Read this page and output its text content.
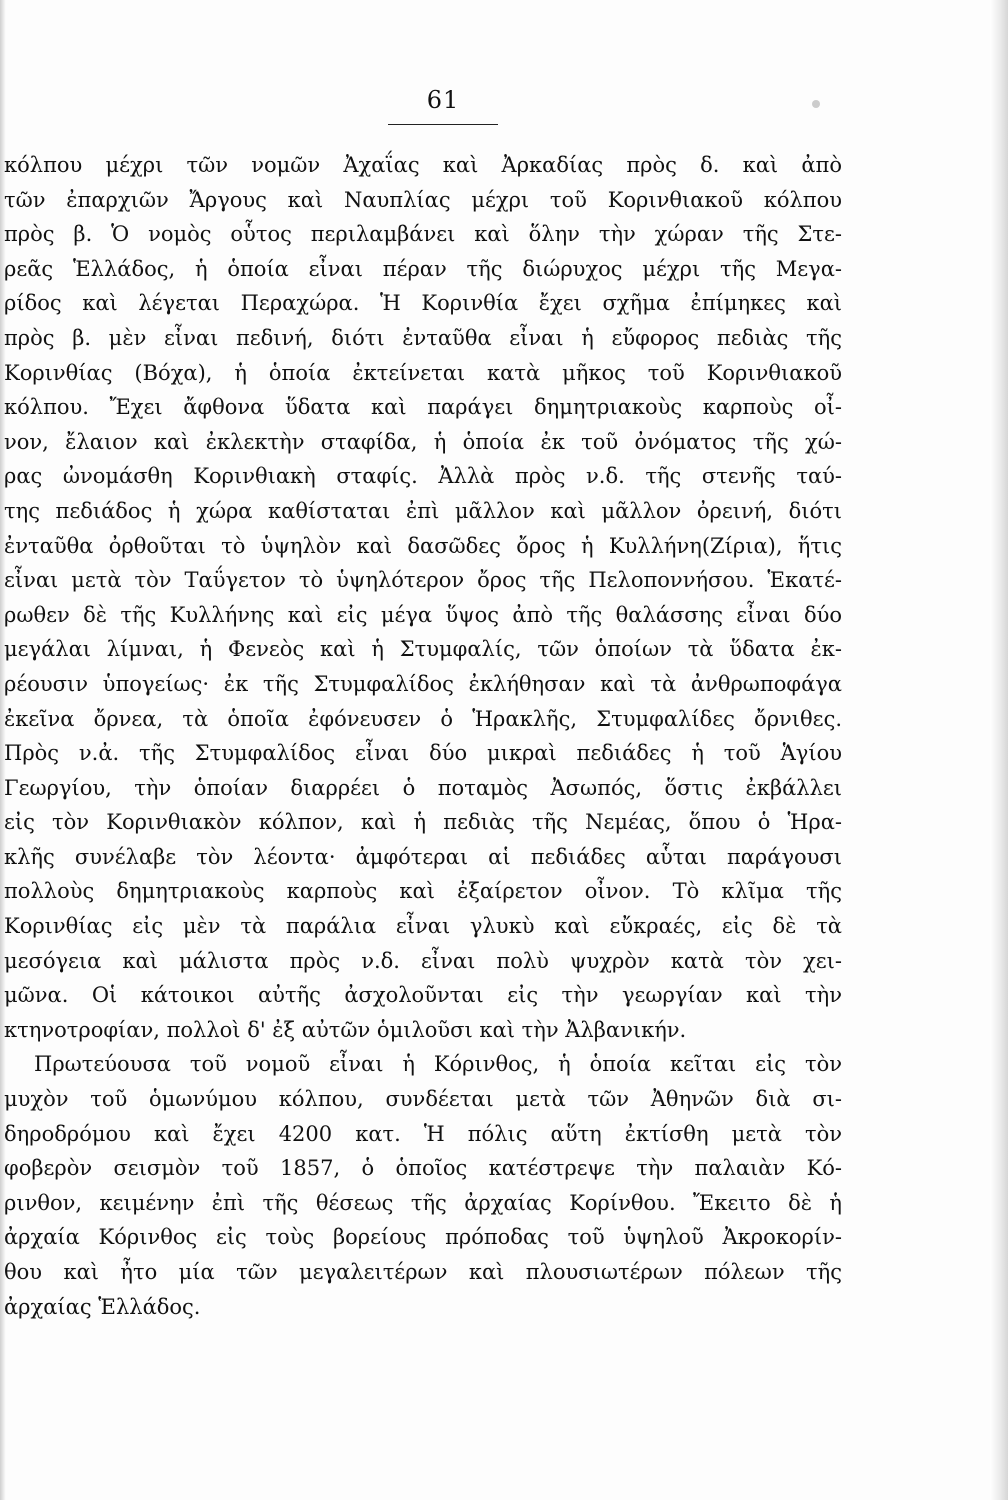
61
κόλπου μέχρι τῶν νομῶν Ἀχαΐας καὶ Ἀρκαδίας πρὸς δ. καὶ ἀπὸ
τῶν ἐπαρχιῶν Ἄργους καὶ Ναυπλίας μέχρι τοῦ Κορινθιακοῦ κόλπου
πρὸς β. Ὁ νομὸς οὗτος περιλαμβάνει καὶ ὅλην τὴν χώραν τῆς Στε-
ρεᾶς Ἑλλάδος, ἡ ὁποία εἶναι πέραν τῆς διώρυχος μέχρι τῆς Μεγα-
ρίδος καὶ λέγεται Περαχώρα. Ἡ Κορινθία ἔχει σχῆμα ἐπίμηκες καὶ
πρὸς β. μὲν εἶναι πεδινή, διότι ἐνταῦθα εἶναι ἡ εὔφορος πεδιὰς τῆς
Κορινθίας (Βόχα), ἡ ὁποία ἐκτείνεται κατὰ μῆκος τοῦ Κορινθιακοῦ
κόλπου. Ἔχει ἄφθονα ὕδατα καὶ παράγει δημητριακοὺς καρποὺς οἶ-
νον, ἔλαιον καὶ ἐκλεκτὴν σταφίδα, ἡ ὁποία ἐκ τοῦ ὀνόματος τῆς χώ-
ρας ὠνομάσθη Κορινθιακὴ σταφίς. Ἀλλὰ πρὸς ν.δ. τῆς στενῆς ταύ-
της πεδιάδος ἡ χώρα καθίσταται ἐπὶ μᾶλλον καὶ μᾶλλον ὀρεινή, διότι
ἐνταῦθα ὀρθοῦται τὸ ὑψηλὸν καὶ δασῶδες ὄρος ἡ Κυλλήνη(Ζίρια), ἥτις
εἶναι μετὰ τὸν Ταΰγετον τὸ ὑψηλότερον ὄρος τῆς Πελοποννήσου. Ἑκατέ-
ρωθεν δὲ τῆς Κυλλήνης καὶ εἰς μέγα ὕψος ἀπὸ τῆς θαλάσσης εἶναι δύο
μεγάλαι λίμναι, ἡ Φενεὸς καὶ ἡ Στυμφαλίς, τῶν ὁποίων τὰ ὕδατα ἐκ-
ρέουσιν ὑπογείως· ἐκ τῆς Στυμφαλίδος ἐκλήθησαν καὶ τὰ ἀνθρωποφάγα
ἐκεῖνα ὄρνεα, τὰ ὁποῖα ἐφόνευσεν ὁ Ἡρακλῆς, Στυμφαλίδες ὄρνιθες.
Πρὸς ν.ἀ. τῆς Στυμφαλίδος εἶναι δύο μικραὶ πεδιάδες ἡ τοῦ Ἁγίου
Γεωργίου, τὴν ὁποίαν διαρρέει ὁ ποταμὸς Ἀσωπός, ὅστις ἐκβάλλει
εἰς τὸν Κορινθιακὸν κόλπον, καὶ ἡ πεδιὰς τῆς Νεμέας, ὅπου ὁ Ἡρα-
κλῆς συνέλαβε τὸν λέοντα· ἀμφότεραι αἱ πεδιάδες αὗται παράγουσι
πολλοὺς δημητριακοὺς καρποὺς καὶ ἐξαίρετον οἶνον. Τὸ κλῖμα τῆς
Κορινθίας εἰς μὲν τὰ παράλια εἶναι γλυκὺ καὶ εὔκραές, εἰς δὲ τὰ
μεσόγεια καὶ μάλιστα πρὸς ν.δ. εἶναι πολὺ ψυχρὸν κατὰ τὸν χει-
μῶνα. Οἱ κάτοικοι αὐτῆς ἀσχολοῦνται εἰς τὴν γεωργίαν καὶ τὴν
κτηνοτροφίαν, πολλοὶ δ' ἐξ αὐτῶν ὁμιλοῦσι καὶ τὴν Ἀλβανικήν.
Πρωτεύουσα τοῦ νομοῦ εἶναι ἡ Κόρινθος, ἡ ὁποία κεῖται εἰς τὸν
μυχὸν τοῦ ὁμωνύμου κόλπου, συνδέεται μετὰ τῶν Ἀθηνῶν διὰ σι-
δηροδρόμου καὶ ἔχει 4200 κατ. Ἡ πόλις αὕτη ἐκτίσθη μετὰ τὸν
φοβερὸν σεισμὸν τοῦ 1857, ὁ ὁποῖος κατέστρεψε τὴν παλαιὰν Κό-
ρινθον, κειμένην ἐπὶ τῆς θέσεως τῆς ἀρχαίας Κορίνθου. Ἔκειτο δὲ ἡ
ἀρχαία Κόρινθος εἰς τοὺς βορείους πρόποδας τοῦ ὑψηλοῦ Ἀκροκορίν-
θου καὶ ἦτο μία τῶν μεγαλειτέρων καὶ πλουσιωτέρων πόλεων τῆς
ἀρχαίας Ἑλλάδος.
